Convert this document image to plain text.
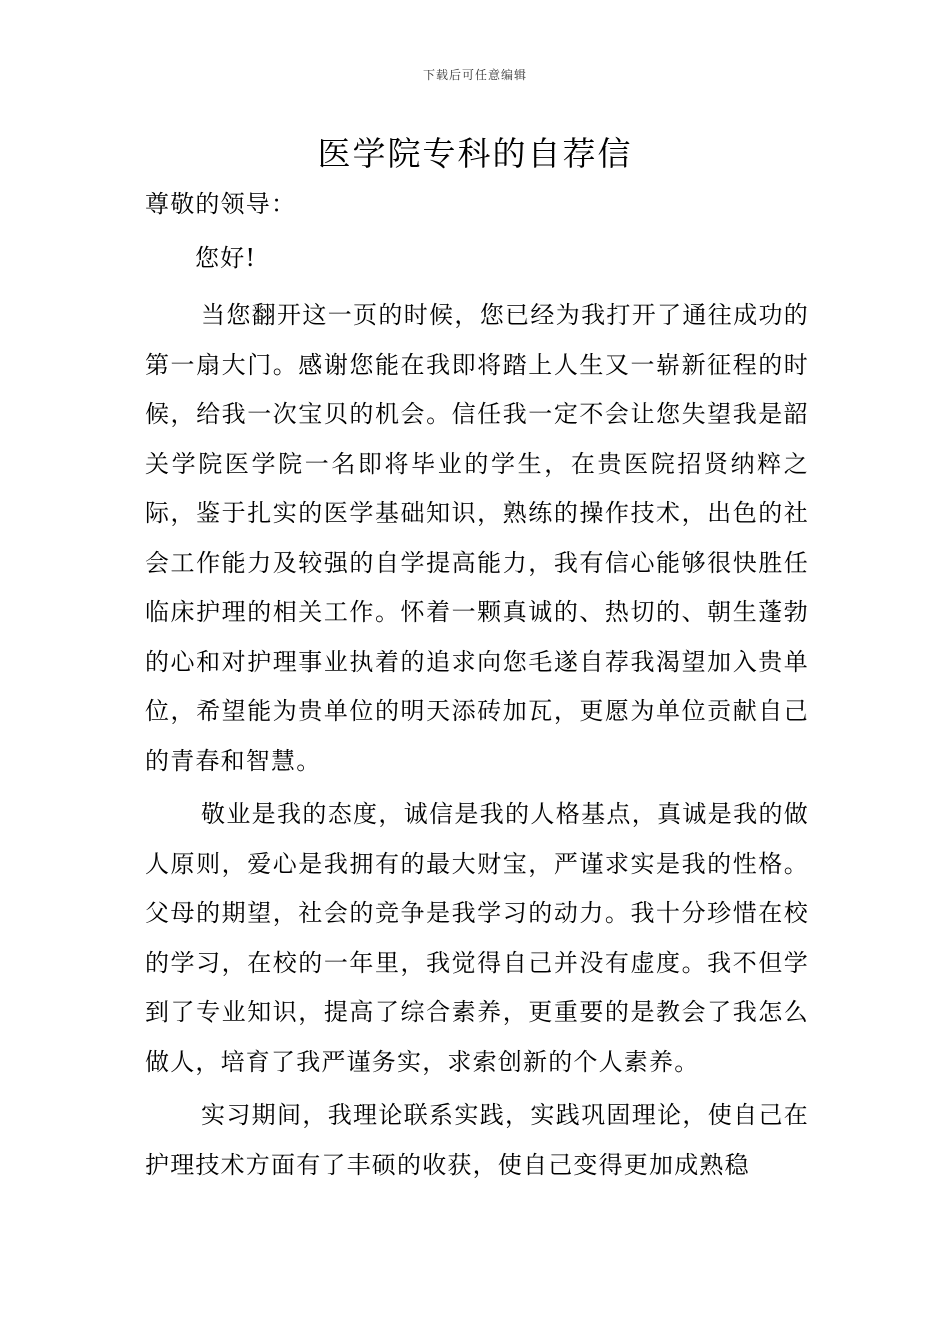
下载后可任意编辑
医学院专科的自荐信

尊敬的领导：

您好!

当您翻开这一页的时候，您已经为我打开了通往成功的第一扇大门。感谢您能在我即将踏上人生又一崭新征程的时候，给我一次宝贝的机会。信任我一定不会让您失望我是韶关学院医学院一名即将毕业的学生，在贵医院招贤纳粹之际，鉴于扎实的医学基础知识，熟练的操作技术，出色的社会工作能力及较强的自学提高能力，我有信心能够很快胜任临床护理的相关工作。怀着一颗真诚的、热切的、朝生蓬勃的心和对护理事业执着的追求向您毛遂自荐我渴望加入贵单位，希望能为贵单位的明天添砖加瓦，更愿为单位贡献自己的青春和智慧。

敬业是我的态度，诚信是我的人格基点，真诚是我的做人原则，爱心是我拥有的最大财宝，严谨求实是我的性格。父母的期望，社会的竞争是我学习的动力。我十分珍惜在校的学习，在校的一年里，我觉得自己并没有虚度。我不但学到了专业知识，提高了综合素养，更重要的是教会了我怎么做人，培育了我严谨务实，求索创新的个人素养。

实习期间，我理论联系实践，实践巩固理论，使自己在护理技术方面有了丰硕的收获，使自己变得更加成熟稳
